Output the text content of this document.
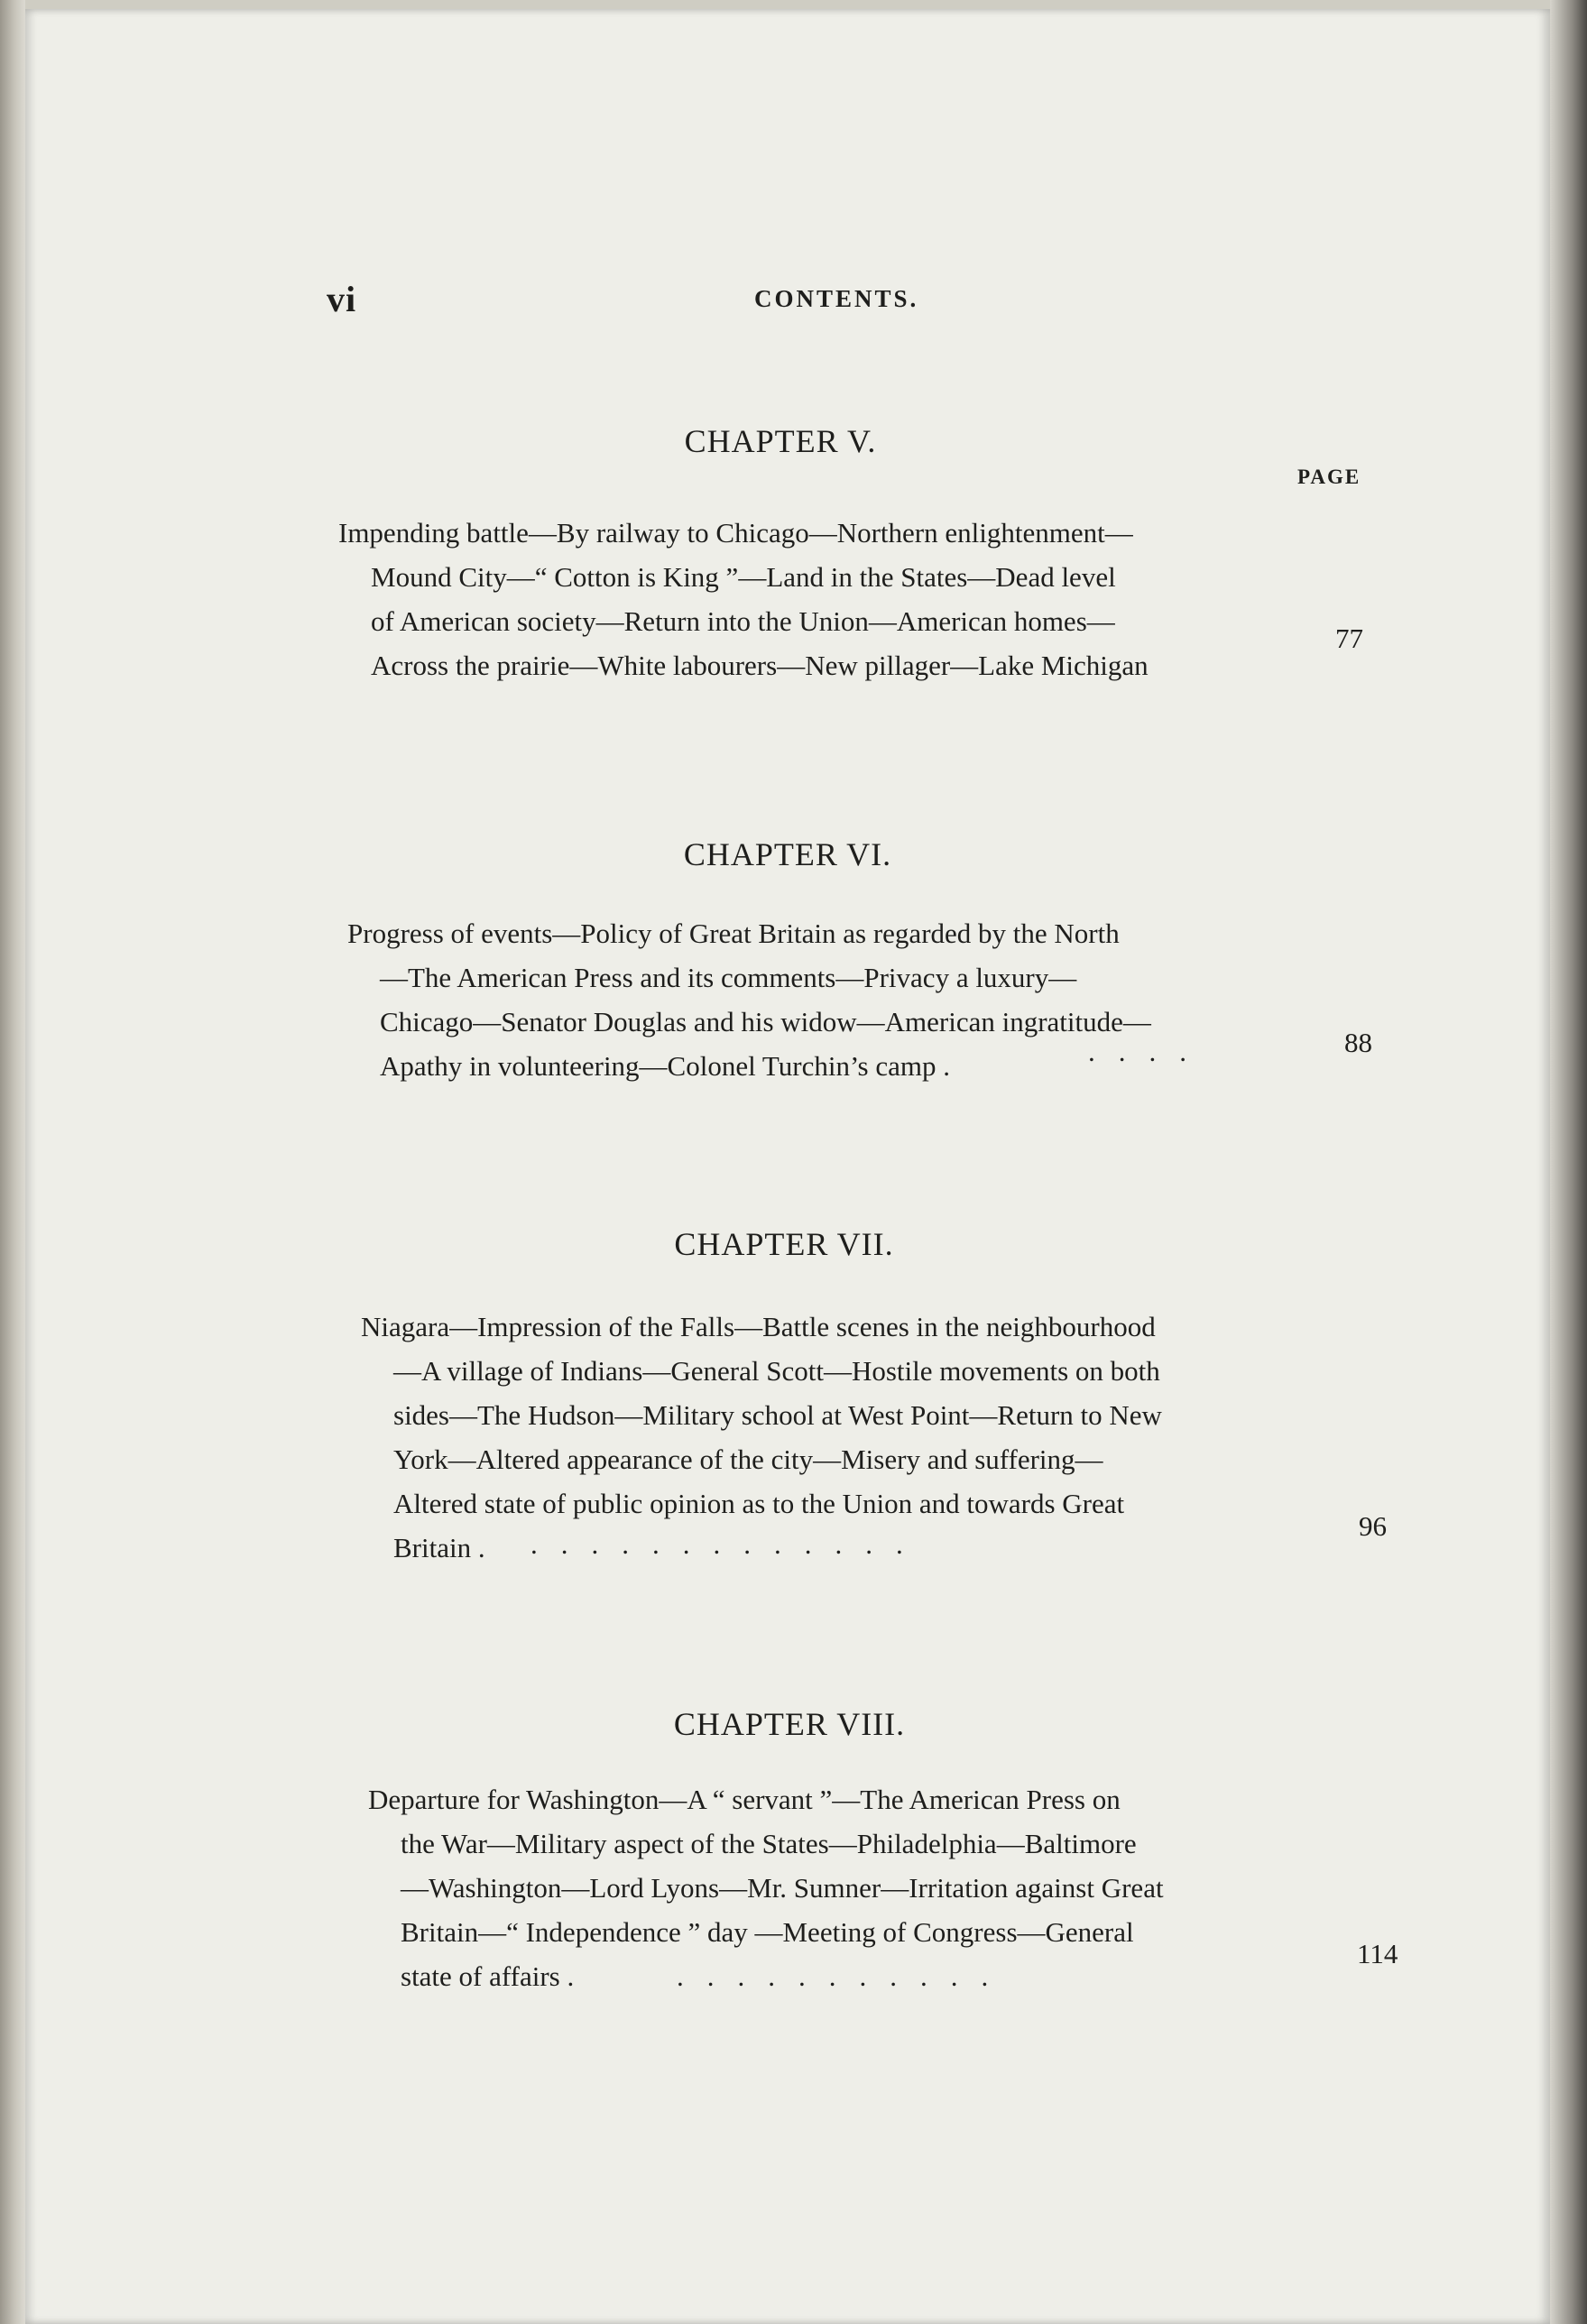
vi	CONTENTS.
CHAPTER V.
PAGE
Impending battle—By railway to Chicago—Northern enlightenment—
Mound City—“ Cotton is King ”—Land in the States—Dead level
of American society—Return into the Union—American homes—
Across the prairie—White labourers—New pillager—Lake Michigan
77
CHAPTER VI.
Progress of events—Policy of Great Britain as regarded by the North
—The American Press and its comments—Privacy a luxury—
Chicago—Senator Douglas and his widow—American ingratitude—
Apathy in volunteering—Colonel Turchin’s camp .	....	88
CHAPTER VII.
Niagara—Impression of the Falls—Battle scenes in the neighbourhood
—A village of Indians—General Scott—Hostile movements on both
sides—The Hudson—Military school at West Point—Return to New
York—Altered appearance of the city—Misery and suffering—
Altered state of public opinion as to the Union and towards Great
Britain .	.............
96
CHAPTER VIII.
Departure for Washington—A “ servant ”—The American Press on
the War—Military aspect of the States—Philadelphia—Baltimore
—Washington—Lord Lyons—Mr. Sumner—Irritation against Great
Britain—“ Independence ” day —Meeting of Congress—General
state of affairs .	...........
114
